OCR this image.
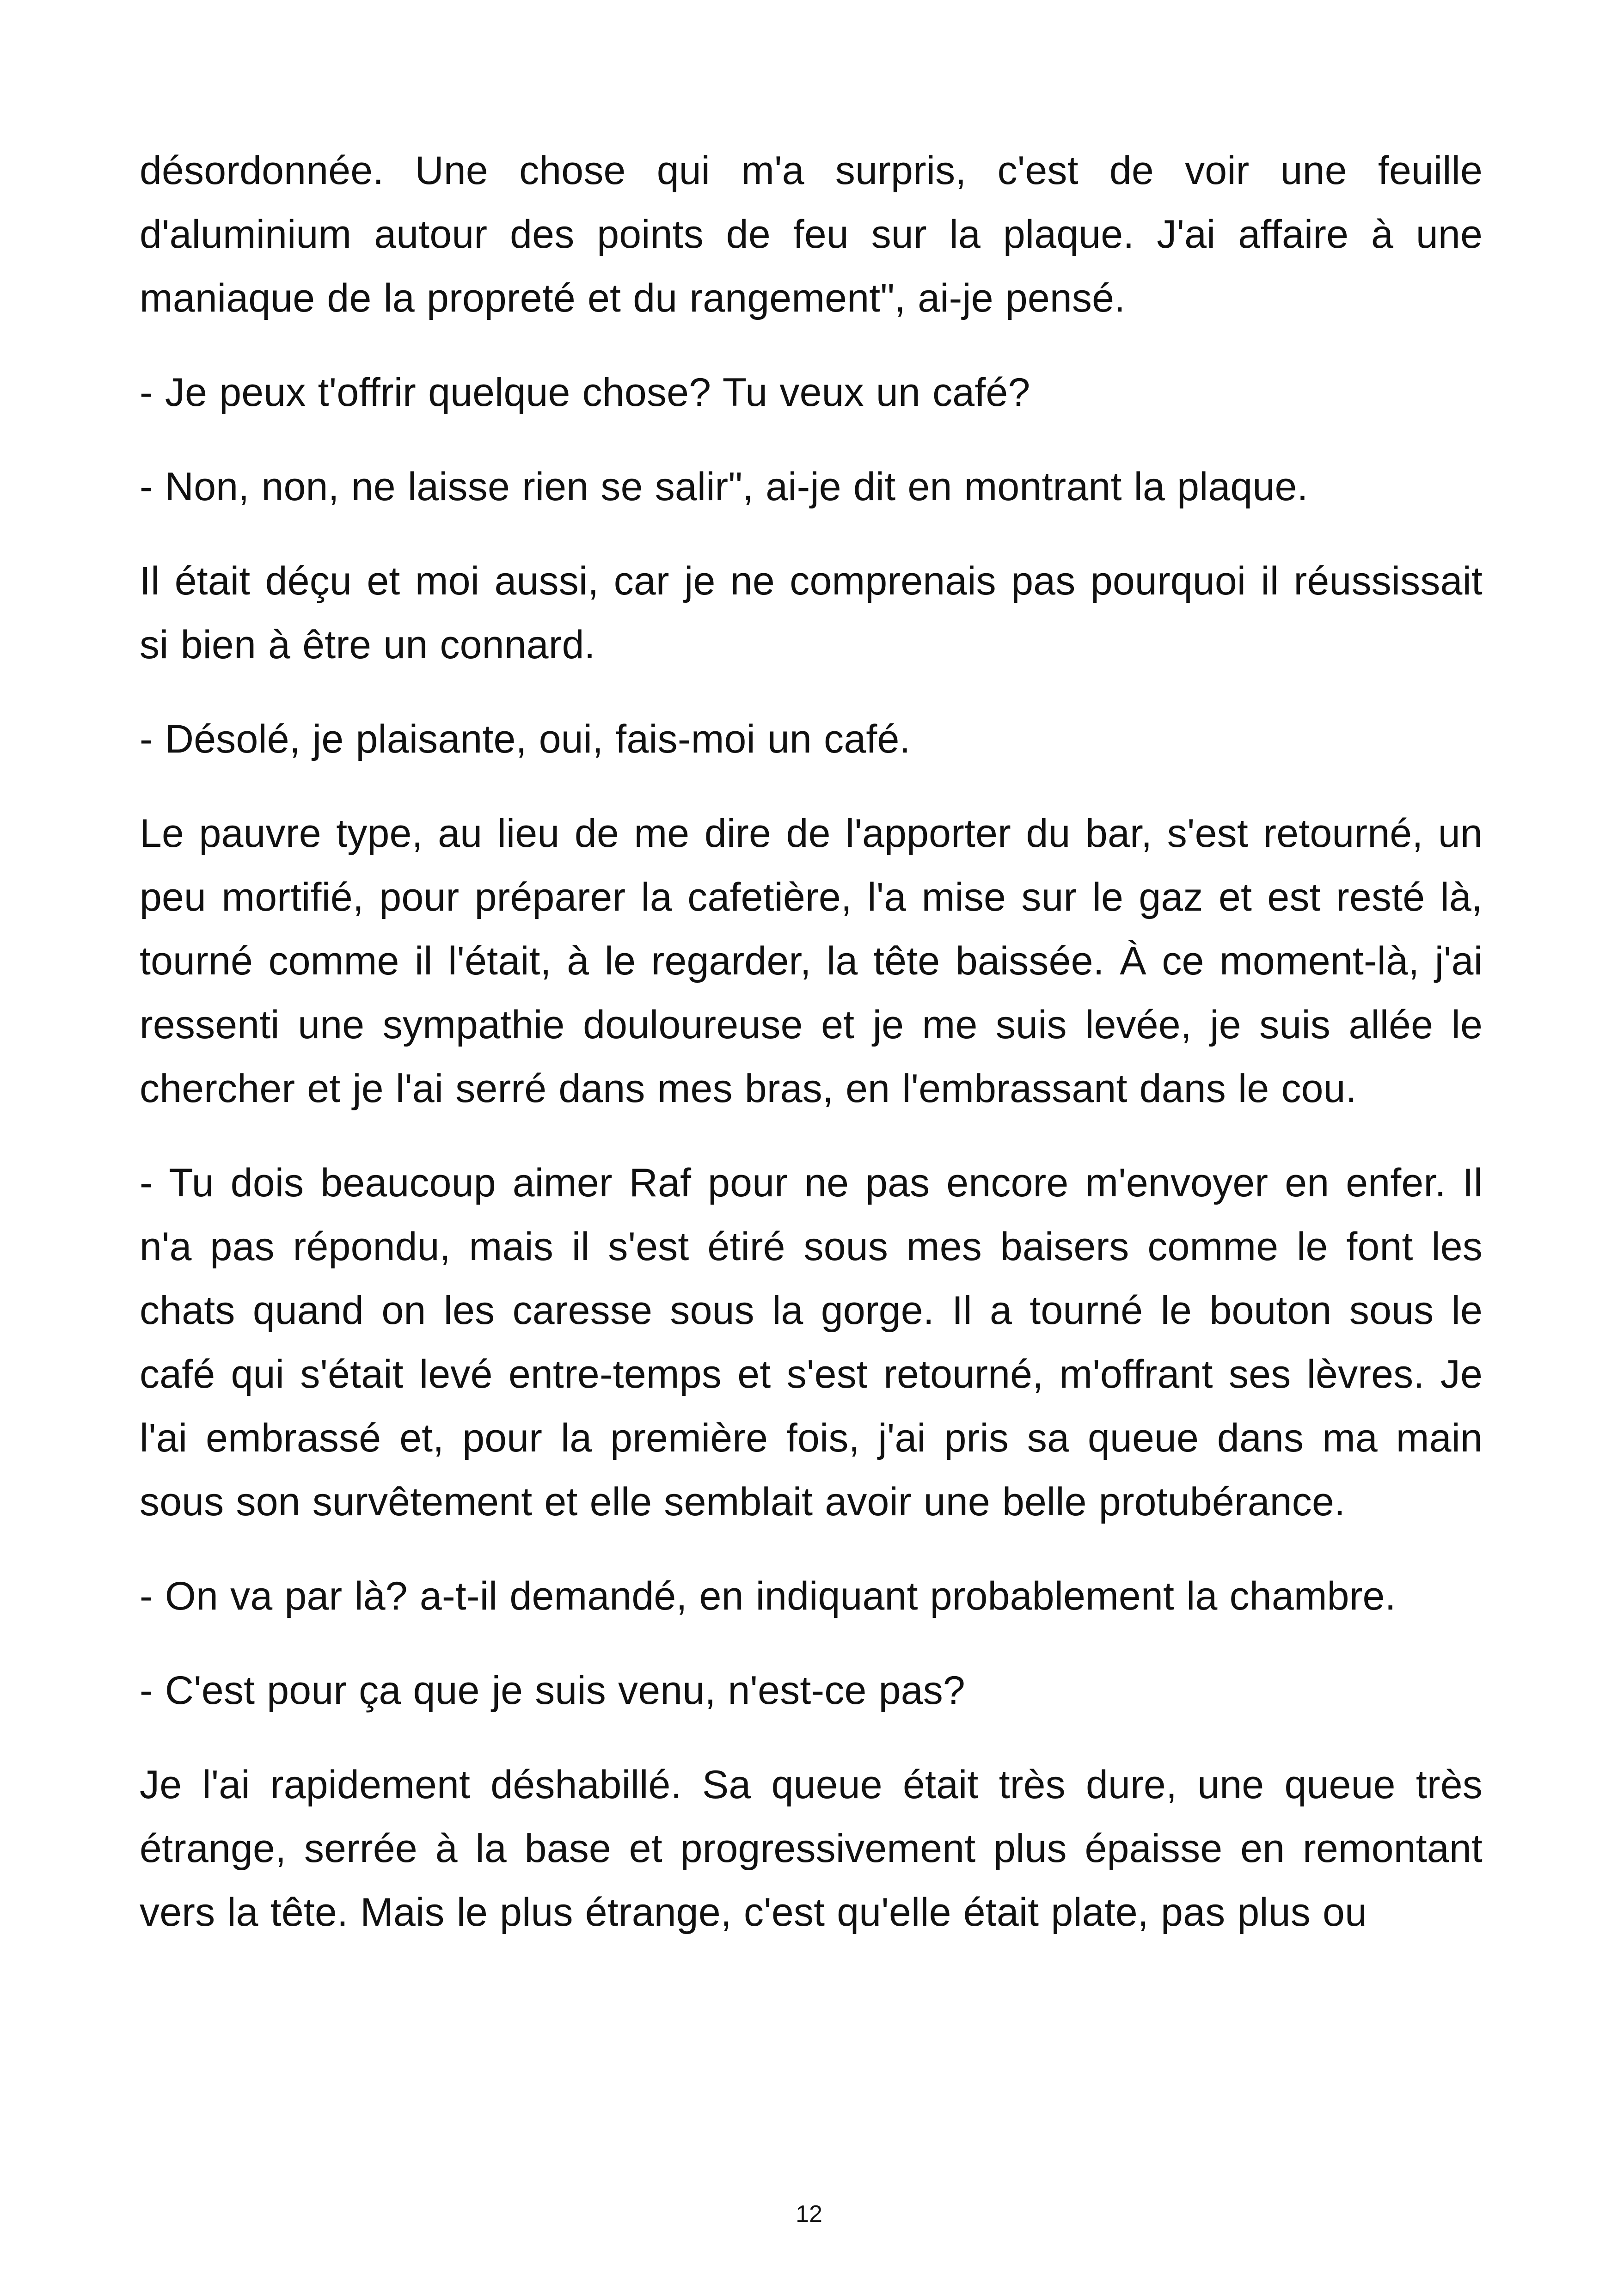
désordonnée. Une chose qui m'a surpris, c'est de voir une feuille d'aluminium autour des points de feu sur la plaque. J'ai affaire à une maniaque de la propreté et du rangement", ai-je pensé.

- Je peux t'offrir quelque chose? Tu veux un café?

- Non, non, ne laisse rien se salir", ai-je dit en montrant la plaque.

Il était déçu et moi aussi, car je ne comprenais pas pourquoi il réussissait si bien à être un connard.

- Désolé, je plaisante, oui, fais-moi un café.

Le pauvre type, au lieu de me dire de l'apporter du bar, s'est retourné, un peu mortifié, pour préparer la cafetière, l'a mise sur le gaz et est resté là, tourné comme il l'était, à le regarder, la tête baissée. À ce moment-là, j'ai ressenti une sympathie douloureuse et je me suis levée, je suis allée le chercher et je l'ai serré dans mes bras, en l'embrassant dans le cou.

- Tu dois beaucoup aimer Raf pour ne pas encore m'envoyer en enfer. Il n'a pas répondu, mais il s'est étiré sous mes baisers comme le font les chats quand on les caresse sous la gorge. Il a tourné le bouton sous le café qui s'était levé entre-temps et s'est retourné, m'offrant ses lèvres. Je l'ai embrassé et, pour la première fois, j'ai pris sa queue dans ma main sous son survêtement et elle semblait avoir une belle protubérance.

- On va par là? a-t-il demandé, en indiquant probablement la chambre.

- C'est pour ça que je suis venu, n'est-ce pas?

Je l'ai rapidement déshabillé. Sa queue était très dure, une queue très étrange, serrée à la base et progressivement plus épaisse en remontant vers la tête. Mais le plus étrange, c'est qu'elle était plate, pas plus ou

12
